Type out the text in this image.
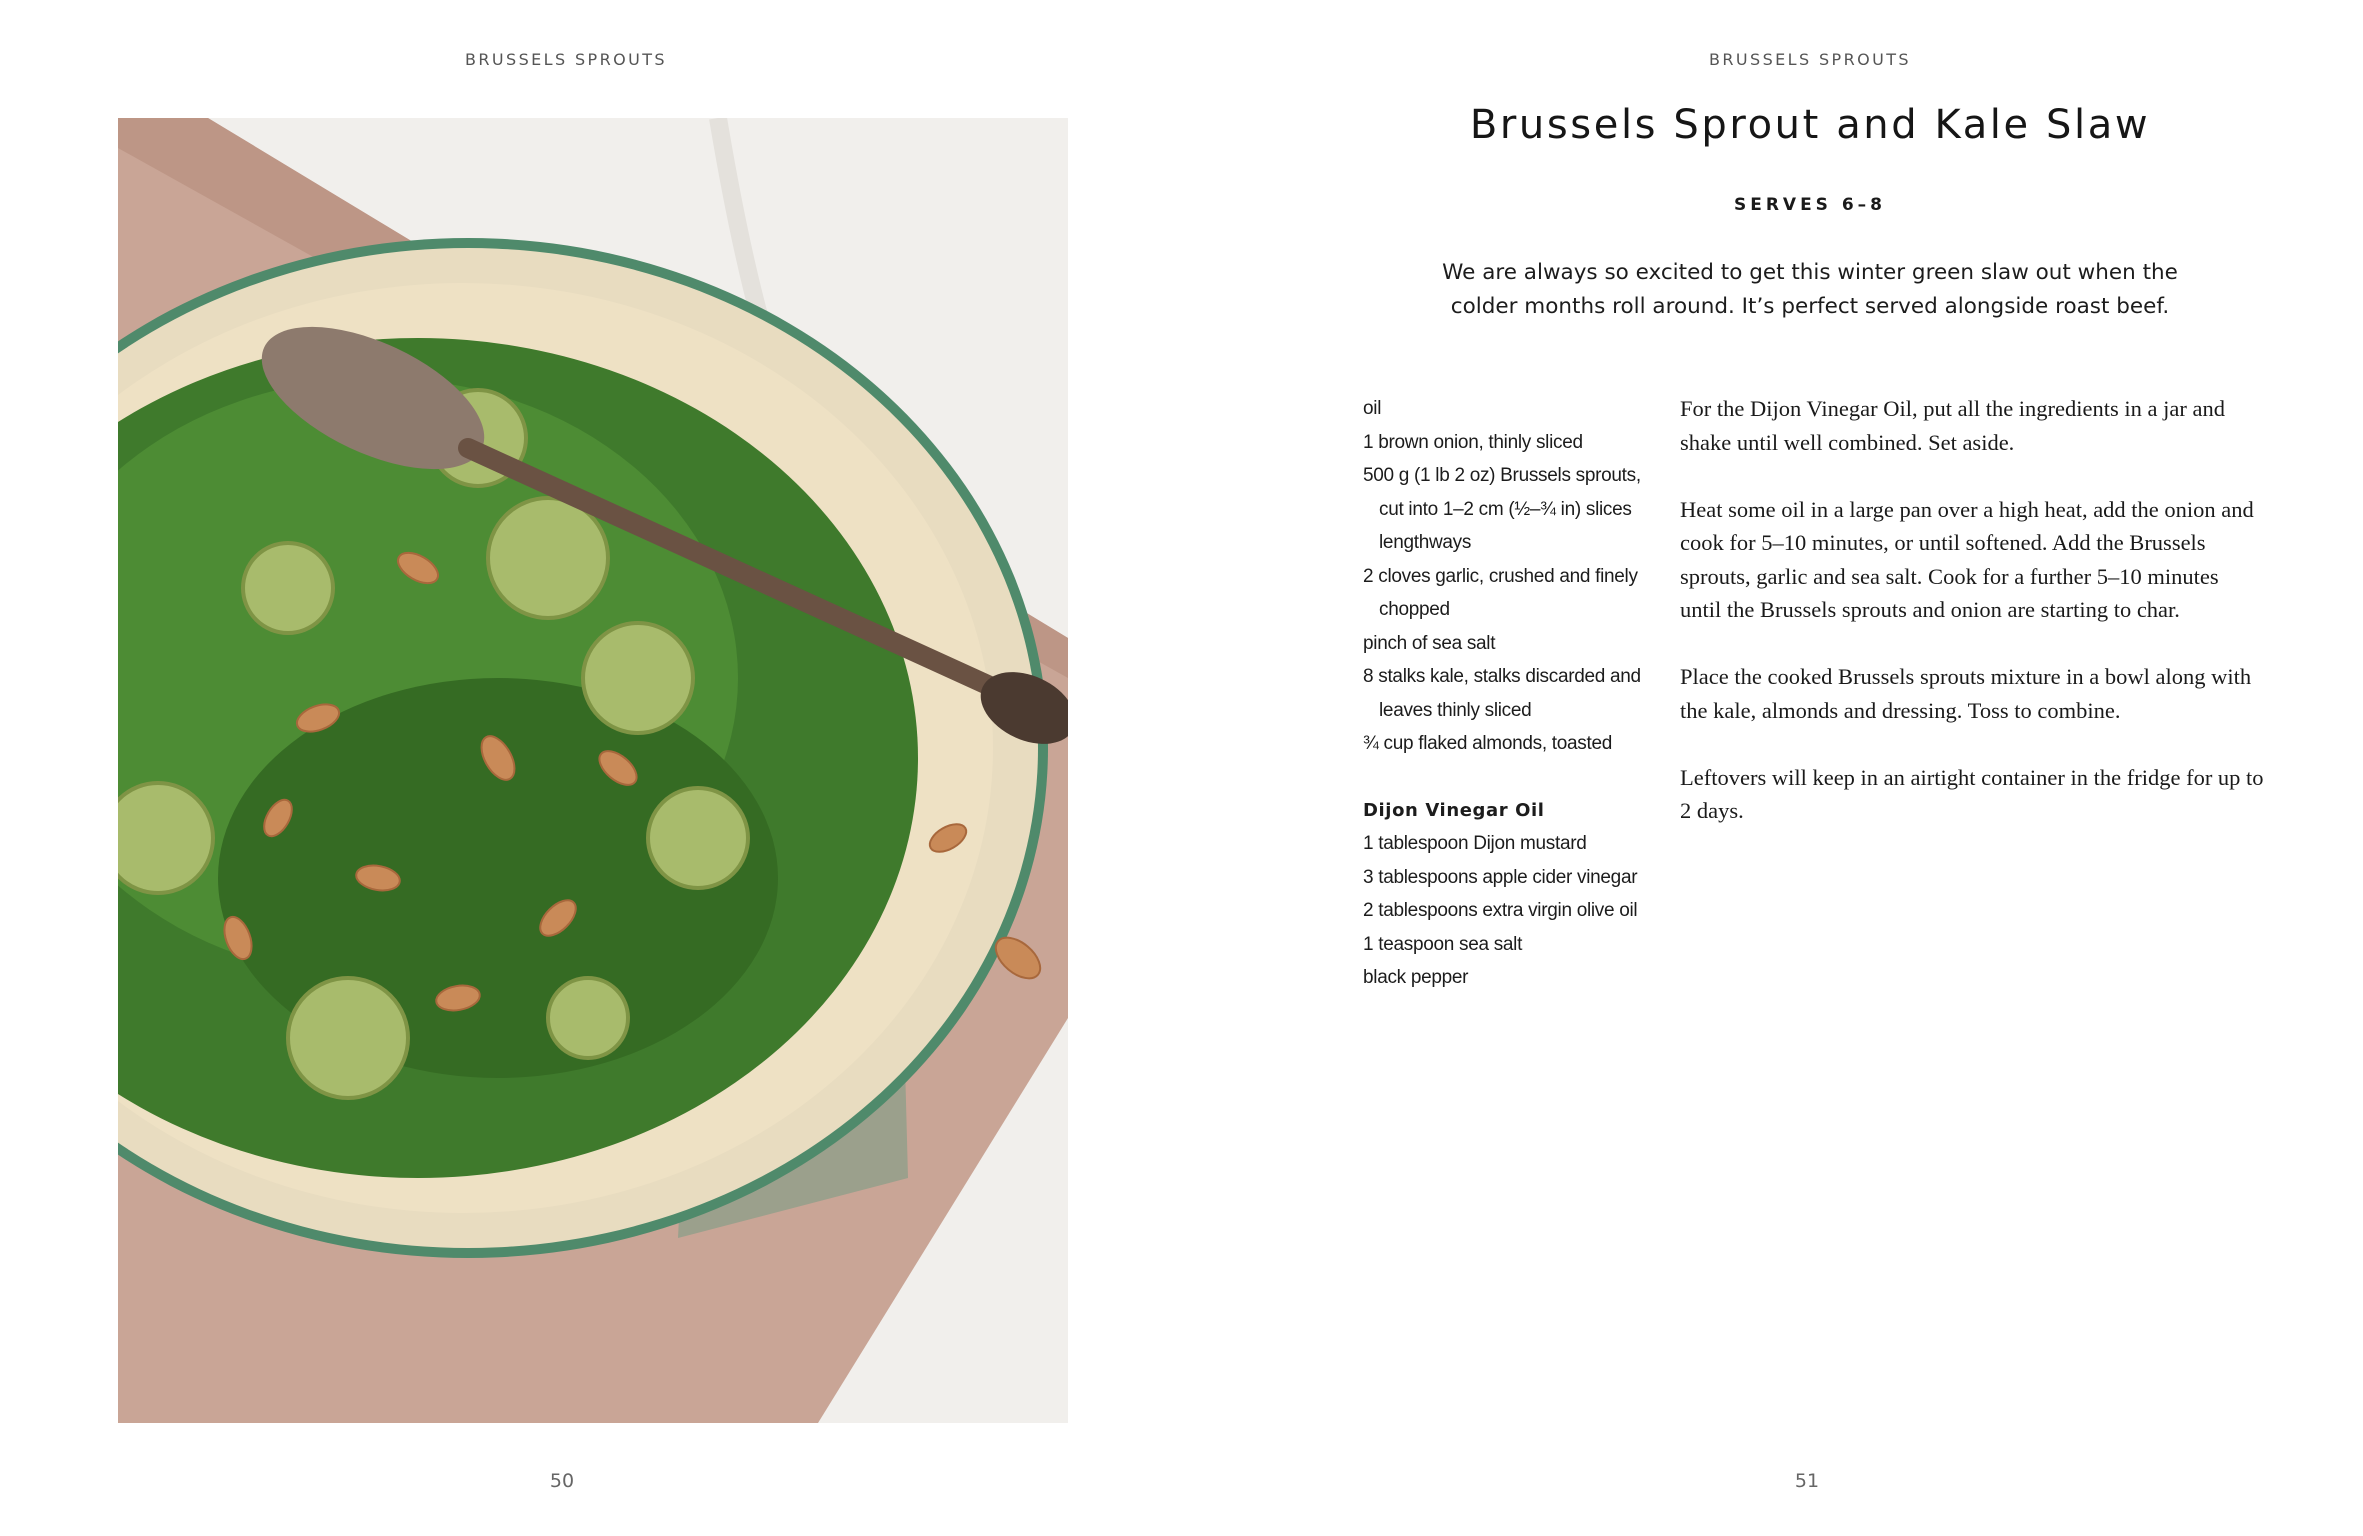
BRUSSELS SPROUTS
50
BRUSSELS SPROUTS
Brussels Sprout and Kale Slaw
SERVES 6–8
We are always so excited to get this winter green slaw out when the
colder months roll around. It’s perfect served alongside roast beef.
oil
1 brown onion, thinly sliced
500 g (1 lb 2 oz) Brussels sprouts, cut into 1–2 cm (½–¾ in) slices lengthways
2 cloves garlic, crushed and finely chopped
pinch of sea salt
8 stalks kale, stalks discarded and leaves thinly sliced
¾ cup flaked almonds, toasted
Dijon Vinegar Oil
1 tablespoon Dijon mustard
3 tablespoons apple cider vinegar
2 tablespoons extra virgin olive oil
1 teaspoon sea salt
black pepper

For the Dijon Vinegar Oil, put all the ingredients in a jar and shake until well combined. Set aside.

Heat some oil in a large pan over a high heat, add the onion and cook for 5–10 minutes, or until softened. Add the Brussels sprouts, garlic and sea salt. Cook for a further 5–10 minutes until the Brussels sprouts and onion are starting to char.

Place the cooked Brussels sprouts mixture in a bowl along with the kale, almonds and dressing. Toss to combine.

Leftovers will keep in an airtight container in the fridge for up to 2 days.

51
